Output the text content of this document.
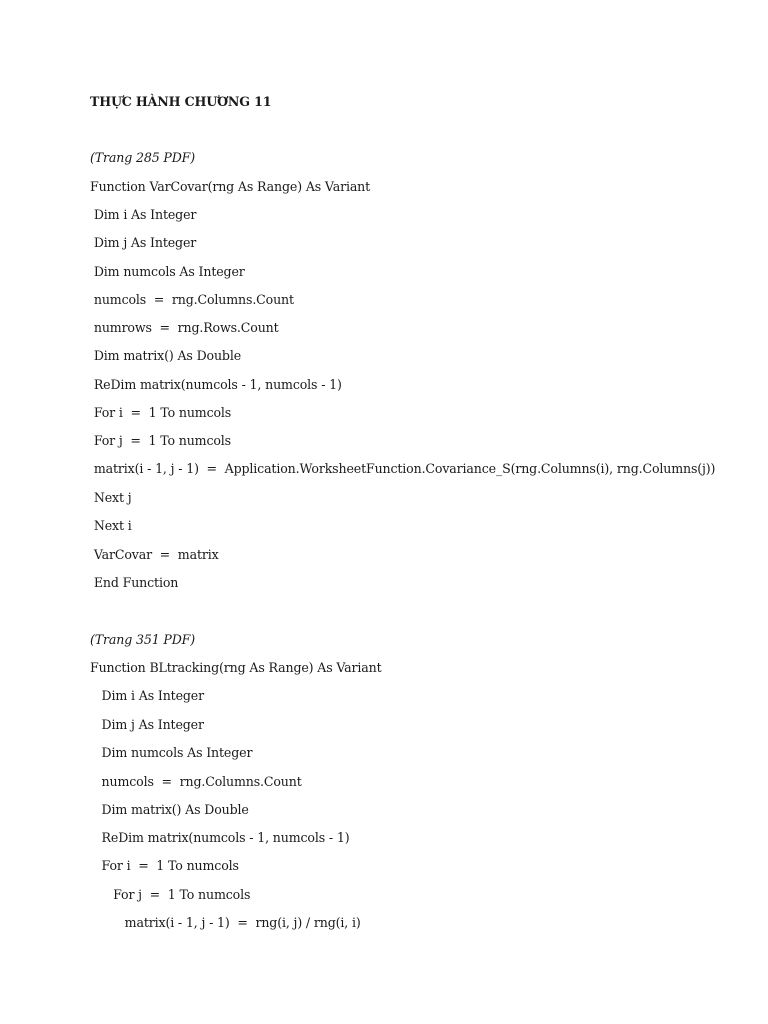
THỰC HÀNH CHƯƠNG 11
(Trang 285 PDF)
Function VarCovar(rng As Range) As Variant
Dim i As Integer
Dim j As Integer
Dim numcols As Integer
numcols  =  rng.Columns.Count
numrows  =  rng.Rows.Count
Dim matrix() As Double
ReDim matrix(numcols - 1, numcols - 1)
For i  =  1 To numcols
For j  =  1 To numcols
matrix(i - 1, j - 1)  =  Application.WorksheetFunction.Covariance_S(rng.Columns(i), rng.Columns(j))
Next j
Next i
VarCovar  =  matrix
End Function
(Trang 351 PDF)
Function BLtracking(rng As Range) As Variant
Dim i As Integer
Dim j As Integer
Dim numcols As Integer
numcols  =  rng.Columns.Count
Dim matrix() As Double
ReDim matrix(numcols - 1, numcols - 1)
For i  =  1 To numcols
For j  =  1 To numcols
matrix(i - 1, j - 1)  =  rng(i, j) / rng(i, i)
